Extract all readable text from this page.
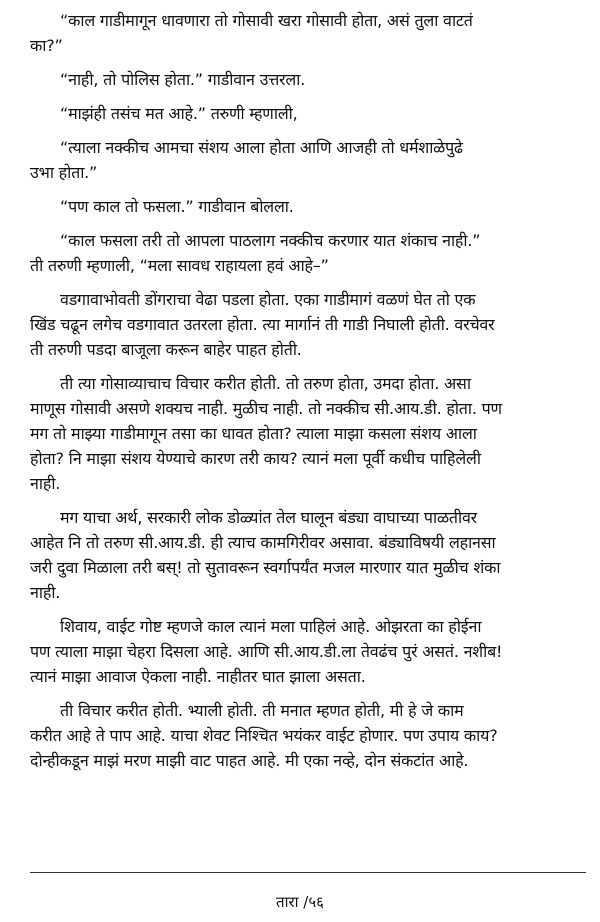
“काल गाडीमागून धावणारा तो गोसावी खरा गोसावी होता, असं तुला वाटतं

का?”

“नाही, तो पोलिस होता.” गाडीवान उत्तरला.

“माझंही तसंच मत आहे.” तरुणी म्हणाली,

“त्याला नक्कीच आमचा संशय आला होता आणि आजही तो धर्मशाळेपुढे

उभा होता.”

“पण काल तो फसला.” गाडीवान बोलला.

“काल फसला तरी तो आपला पाठलाग नक्कीच करणार यात शंकाच नाही.”

ती तरुणी म्हणाली, “मला सावध राहायला हवं आहे–”

वडगावाभोवती डोंगराचा वेढा पडला होता. एका गाडीमागं वळणं घेत तो एक

खिंड चढून लगेच वडगावात उतरला होता. त्या मार्गानं ती गाडी निघाली होती. वरचेवर

ती तरुणी पडदा बाजूला करून बाहेर पाहत होती.

ती त्या गोसाव्याचाच विचार करीत होती. तो तरुण होता, उमदा होता. असा

माणूस गोसावी असणे शक्यच नाही. मुळीच नाही. तो नक्कीच सी.आय.डी. होता. पण

मग तो माझ्या गाडीमागून तसा का धावत होता? त्याला माझा कसला संशय आला

होता? नि माझा संशय येण्याचे कारण तरी काय? त्यानं मला पूर्वी कधीच पाहिलेली

नाही.

मग याचा अर्थ, सरकारी लोक डोळ्यांत तेल घालून बंड्या वाघाच्या पाळतीवर

आहेत नि तो तरुण सी.आय.डी. ही त्याच कामगिरीवर असावा. बंड्याविषयी लहानसा

जरी दुवा मिळाला तरी बस्! तो सुतावरून स्वर्गापर्यंत मजल मारणार यात मुळीच शंका

नाही.

शिवाय, वाईट गोष्ट म्हणजे काल त्यानं मला पाहिलं आहे. ओझरता का होईना

पण त्याला माझा चेहरा दिसला आहे. आणि सी.आय.डी.ला तेवढंच पुरं असतं. नशीब!

त्यानं माझा आवाज ऐकला नाही. नाहीतर घात झाला असता.

ती विचार करीत होती. भ्याली होती. ती मनात म्हणत होती, मी हे जे काम

करीत आहे ते पाप आहे. याचा शेवट निश्चित भयंकर वाईट होणार. पण उपाय काय?

दोन्हीकडून माझं मरण माझी वाट पाहत आहे. मी एका नव्हे, दोन संकटांत आहे.

तारा /५६
